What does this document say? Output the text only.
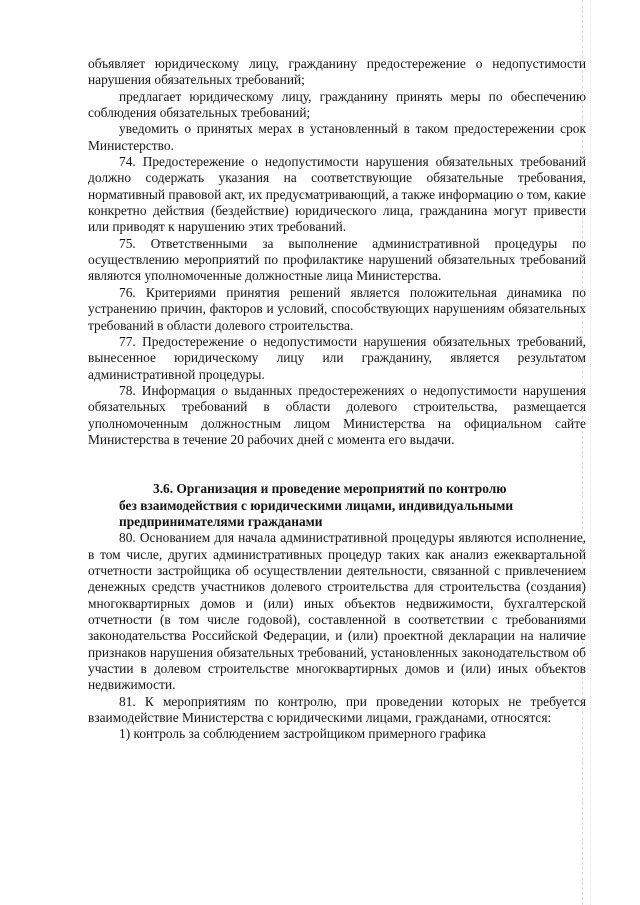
объявляет юридическому лицу, гражданину предостережение о недопустимости нарушения обязательных требований;

предлагает юридическому лицу, гражданину принять меры по обеспечению соблюдения обязательных требований;

уведомить о принятых мерах в установленный в таком предостережении срок Министерство.

74. Предостережение о недопустимости нарушения обязательных требований должно содержать указания на соответствующие обязательные требования, нормативный правовой акт, их предусматривающий, а также информацию о том, какие конкретно действия (бездействие) юридического лица, гражданина могут привести или приводят к нарушению этих требований.

75. Ответственными за выполнение административной процедуры по осуществлению мероприятий по профилактике нарушений обязательных требований являются уполномоченные должностные лица Министерства.

76. Критериями принятия решений является положительная динамика по устранению причин, факторов и условий, способствующих нарушениям обязательных требований в области долевого строительства.

77. Предостережение о недопустимости нарушения обязательных требований, вынесенное юридическому лицу или гражданину, является результатом административной процедуры.

78. Информация о выданных предостережениях о недопустимости нарушения обязательных требований в области долевого строительства, размещается уполномоченным должностным лицом Министерства на официальном сайте Министерства в течение 20 рабочих дней с момента его выдачи.

3.6. Организация и проведение мероприятий по контролю

без взаимодействия с юридическими лицами, индивидуальными

предпринимателями гражданами

80. Основанием для начала административной процедуры являются исполнение, в том числе, других административных процедур таких как анализ ежеквартальной отчетности застройщика об осуществлении деятельности, связанной с привлечением денежных средств участников долевого строительства для строительства (создания) многоквартирных домов и (или) иных объектов недвижимости, бухгалтерской отчетности (в том числе годовой), составленной в соответствии с требованиями законодательства Российской Федерации, и (или) проектной декларации на наличие признаков нарушения обязательных требований, установленных законодательством об участии в долевом строительстве многоквартирных домов и (или) иных объектов недвижимости.

81. К мероприятиям по контролю, при проведении которых не требуется взаимодействие Министерства с юридическими лицами, гражданами, относятся:

1) контроль за соблюдением застройщиком примерного графика
